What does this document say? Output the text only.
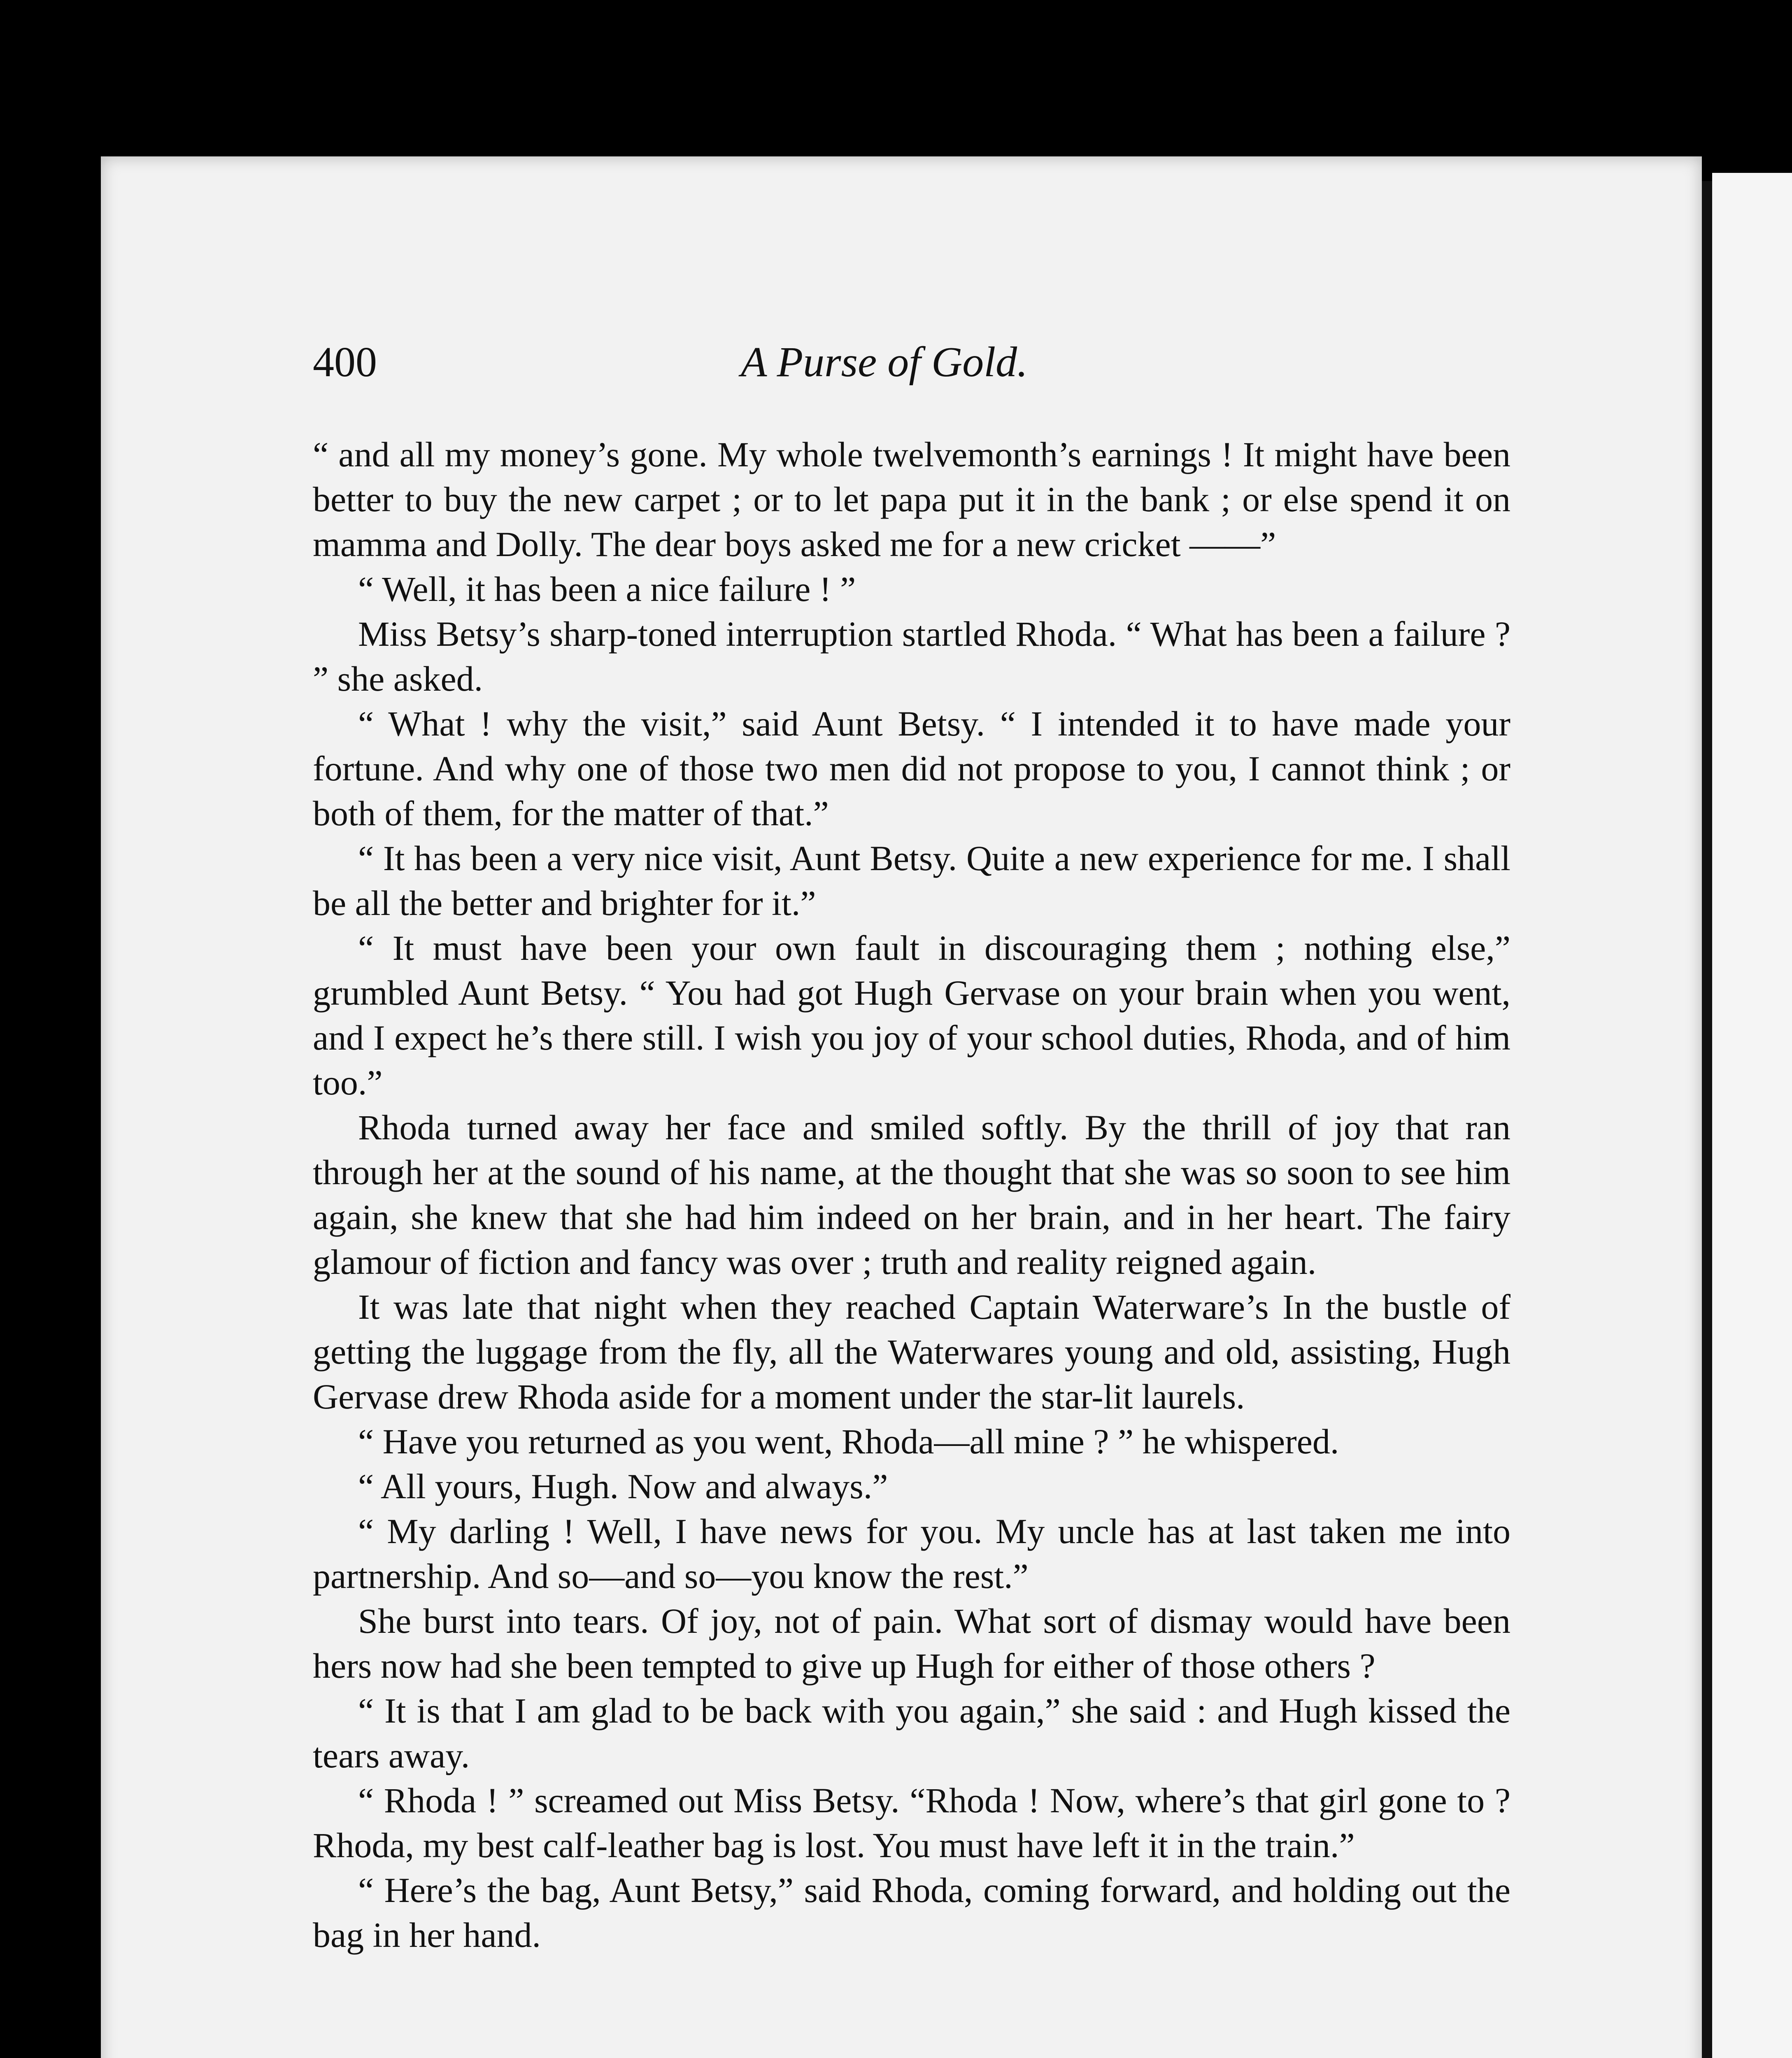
400	A Purse of Gold.

“ and all my money’s gone. My whole twelvemonth’s earnings ! It might have been better to buy the new carpet ; or to let papa put it in the bank ; or else spend it on mamma and Dolly. The dear boys asked me for a new cricket ——”

“ Well, it has been a nice failure ! ”

Miss Betsy’s sharp-toned interruption startled Rhoda. “ What has been a failure ? ” she asked.

“ What ! why the visit,” said Aunt Betsy. “ I intended it to have made your fortune. And why one of those two men did not propose to you, I cannot think ; or both of them, for the matter of that.”

“ It has been a very nice visit, Aunt Betsy. Quite a new experience for me. I shall be all the better and brighter for it.”

“ It must have been your own fault in discouraging them ; nothing else,” grumbled Aunt Betsy. “ You had got Hugh Gervase on your brain when you went, and I expect he’s there still. I wish you joy of your school duties, Rhoda, and of him too.”

Rhoda turned away her face and smiled softly. By the thrill of joy that ran through her at the sound of his name, at the thought that she was so soon to see him again, she knew that she had him indeed on her brain, and in her heart. The fairy glamour of fiction and fancy was over ; truth and reality reigned again.

It was late that night when they reached Captain Waterware’s In the bustle of getting the luggage from the fly, all the Waterwares young and old, assisting, Hugh Gervase drew Rhoda aside for a moment under the star-lit laurels.

“ Have you returned as you went, Rhoda—all mine ? ” he whispered.

“ All yours, Hugh. Now and always.”

“ My darling ! Well, I have news for you. My uncle has at last taken me into partnership. And so—and so—you know the rest.”

She burst into tears. Of joy, not of pain. What sort of dismay would have been hers now had she been tempted to give up Hugh for either of those others ?

“ It is that I am glad to be back with you again,” she said : and Hugh kissed the tears away.

“ Rhoda ! ” screamed out Miss Betsy. “Rhoda ! Now, where’s that girl gone to ? Rhoda, my best calf-leather bag is lost. You must have left it in the train.”

“ Here’s the bag, Aunt Betsy,” said Rhoda, coming forward, and holding out the bag in her hand.
